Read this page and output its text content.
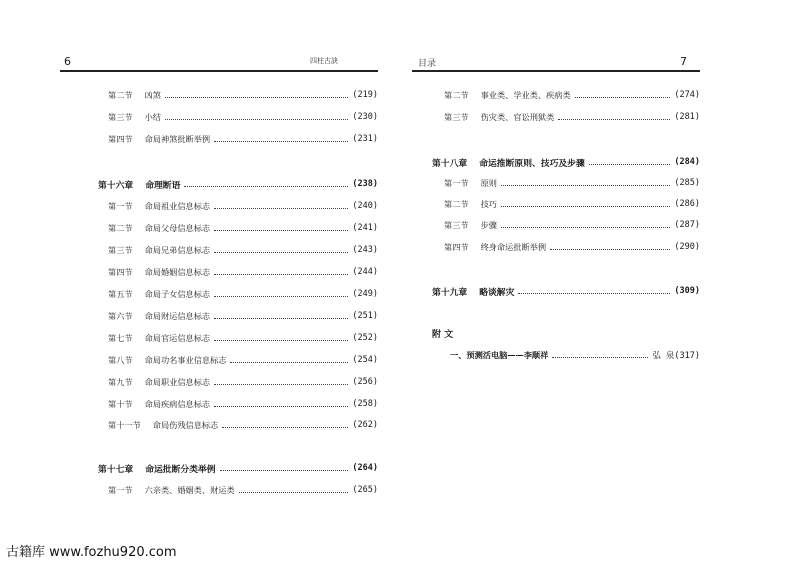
6	四柱古訣
第二节 凶煞	(219)
第三节 小结	(230)
第四节 命局神煞批断举例	(231)
第十六章 命理断语	(238)
第一节 命局祖业信息标志	(240)
第二节 命局父母信息标志	(241)
第三节 命局兄弟信息标志	(243)
第四节 命局婚姻信息标志	(244)
第五节 命局子女信息标志	(249)
第六节 命局财运信息标志	(251)
第七节 命局官运信息标志	(252)
第八节 命局功名事业信息标志	(254)
第九节 命局职业信息标志	(256)
第十节 命局疾病信息标志	(258)
第十一节 命局伤残信息标志	(262)
第十七章 命运批断分类举例	(264)
第一节 六亲类、婚姻类、财运类	(265)
目录	7
第二节 事业类、学业类、疾病类	(274)
第三节 伤灾类、官讼刑狱类	(281)
第十八章 命运推断原则、技巧及步骤	(284)
第一节 原则	(285)
第二节 技巧	(286)
第三节 步骤	(287)
第四节 终身命运批断举例	(290)
第十九章 略谈解灾	(309)
附 文
一、预测活电脑——李顺祥	弘 泉(317)
古籍库 www.fozhu920.com
